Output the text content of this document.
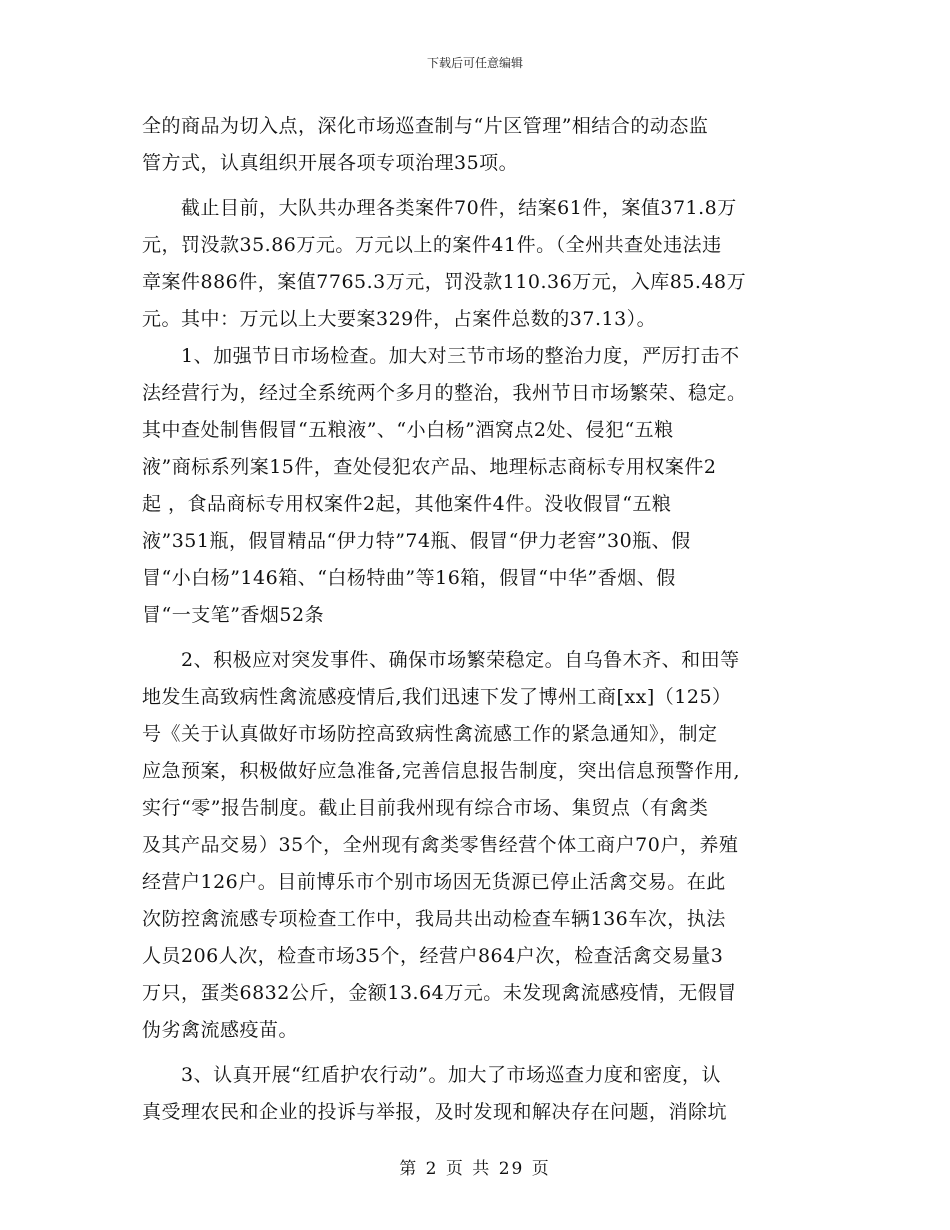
下载后可任意编辑
全的商品为切入点，深化市场巡查制与“片区管理”相结合的动态监
管方式，认真组织开展各项专项治理35项。
　　截止目前，大队共办理各类案件70件，结案61件，案值371.8万
元，罚没款35.86万元。万元以上的案件41件。（全州共查处违法违
章案件886件，案值7765.3万元，罚没款110.36万元，入库85.48万
元。其中：万元以上大要案329件，占案件总数的37.13）。
　　1、加强节日市场检查。加大对三节市场的整治力度，严厉打击不
法经营行为，经过全系统两个多月的整治，我州节日市场繁荣、稳定。
其中查处制售假冒“五粮液”、“小白杨”酒窝点2处、侵犯“五粮
液”商标系列案15件，查处侵犯农产品、地理标志商标专用权案件2
起 ，食品商标专用权案件2起，其他案件4件。没收假冒“五粮
液”351瓶，假冒精品“伊力特”74瓶、假冒“伊力老窖”30瓶、假
冒“小白杨”146箱、“白杨特曲”等16箱，假冒“中华”香烟、假
冒“一支笔”香烟52条
　　2、积极应对突发事件、确保市场繁荣稳定。自乌鲁木齐、和田等
地发生高致病性禽流感疫情后,我们迅速下发了博州工商[xx]（125）
号《关于认真做好市场防控高致病性禽流感工作的紧急通知》，制定
应急预案，积极做好应急准备,完善信息报告制度，突出信息预警作用,
实行“零”报告制度。截止目前我州现有综合市场、集贸点（有禽类
及其产品交易）35个，全州现有禽类零售经营个体工商户70户，养殖
经营户126户。目前博乐市个别市场因无货源已停止活禽交易。在此
次防控禽流感专项检查工作中，我局共出动检查车辆136车次，执法
人员206人次，检查市场35个，经营户864户次，检查活禽交易量3
万只，蛋类6832公斤，金额13.64万元。未发现禽流感疫情，无假冒
伪劣禽流感疫苗。
　　3、认真开展“红盾护农行动”。加大了市场巡查力度和密度，认
真受理农民和企业的投诉与举报，及时发现和解决存在问题，消除坑
第 2 页 共 29 页
